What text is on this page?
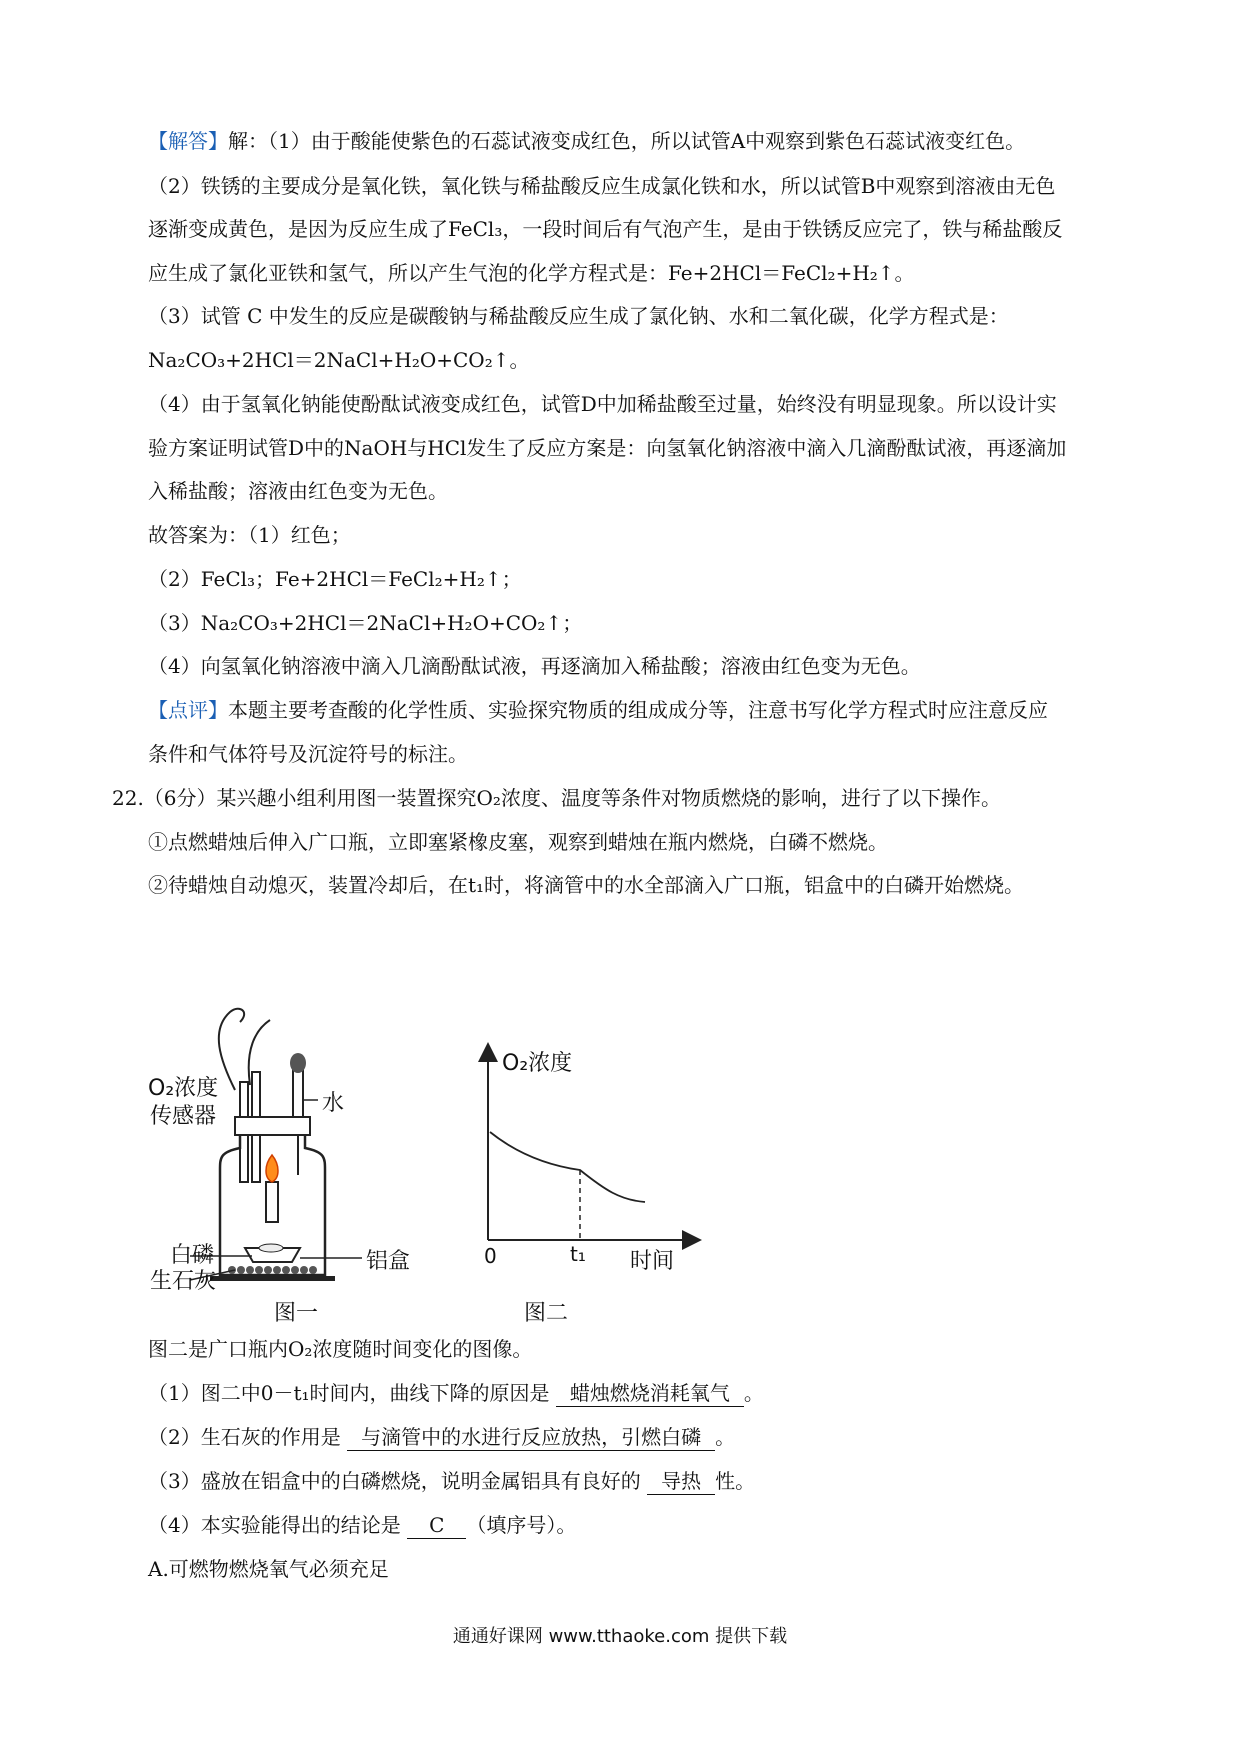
【解答】解：（1）由于酸能使紫色的石蕊试液变成红色，所以试管A中观察到紫色石蕊试液变红色。
（2）铁锈的主要成分是氧化铁，氧化铁与稀盐酸反应生成氯化铁和水，所以试管B中观察到溶液由无色
逐渐变成黄色，是因为反应生成了FeCl₃，一段时间后有气泡产生，是由于铁锈反应完了，铁与稀盐酸反
应生成了氯化亚铁和氢气，所以产生气泡的化学方程式是：Fe+2HCl＝FeCl₂+H₂↑。
（3）试管 C 中发生的反应是碳酸钠与稀盐酸反应生成了氯化钠、水和二氧化碳，化学方程式是：
Na₂CO₃+2HCl＝2NaCl+H₂O+CO₂↑。
（4）由于氢氧化钠能使酚酞试液变成红色，试管D中加稀盐酸至过量，始终没有明显现象。所以设计实
验方案证明试管D中的NaOH与HCl发生了反应方案是：向氢氧化钠溶液中滴入几滴酚酞试液，再逐滴加
入稀盐酸；溶液由红色变为无色。
故答案为：（1）红色；
（2）FeCl₃；Fe+2HCl＝FeCl₂+H₂↑；
（3）Na₂CO₃+2HCl＝2NaCl+H₂O+CO₂↑；
（4）向氢氧化钠溶液中滴入几滴酚酞试液，再逐滴加入稀盐酸；溶液由红色变为无色。
【点评】本题主要考查酸的化学性质、实验探究物质的组成成分等，注意书写化学方程式时应注意反应
条件和气体符号及沉淀符号的标注。
22.（6分）某兴趣小组利用图一装置探究O₂浓度、温度等条件对物质燃烧的影响，进行了以下操作。
①点燃蜡烛后伸入广口瓶，立即塞紧橡皮塞，观察到蜡烛在瓶内燃烧，白磷不燃烧。
②待蜡烛自动熄灭，装置冷却后，在t₁时，将滴管中的水全部滴入广口瓶，铝盒中的白磷开始燃烧。
O₂浓度
传感器
水
白磷
生石灰
铝盒
图一
O₂浓度
0	t₁ 时间
图二
图二是广口瓶内O₂浓度随时间变化的图像。
（1）图二中0－t₁时间内，曲线下降的原因是 蜡烛燃烧消耗氧气 。
（2）生石灰的作用是 与滴管中的水进行反应放热，引燃白磷 。
（3）盛放在铝盒中的白磷燃烧，说明金属铝具有良好的 导热 性。
（4）本实验能得出的结论是 C （填序号）。
A.可燃物燃烧氧气必须充足
通通好课网 www.tthaoke.com 提供下载
